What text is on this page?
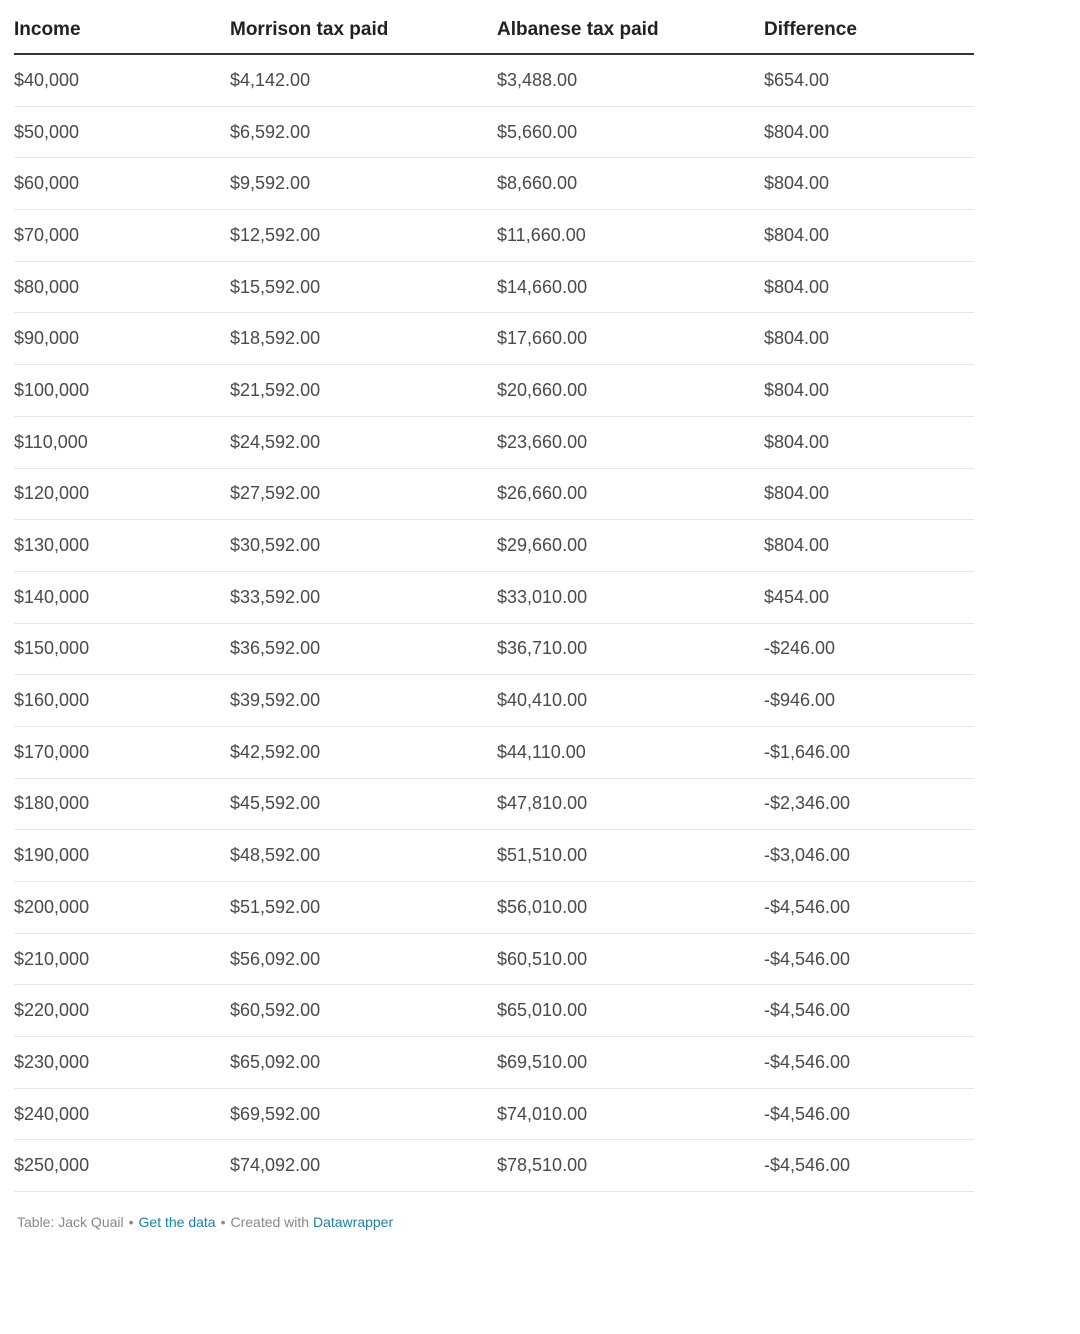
Income	Morrison tax paid	Albanese tax paid	Difference
$40,000	$4,142.00	$3,488.00	$654.00
$50,000	$6,592.00	$5,660.00	$804.00
$60,000	$9,592.00	$8,660.00	$804.00
$70,000	$12,592.00	$11,660.00	$804.00
$80,000	$15,592.00	$14,660.00	$804.00
$90,000	$18,592.00	$17,660.00	$804.00
$100,000	$21,592.00	$20,660.00	$804.00
$110,000	$24,592.00	$23,660.00	$804.00
$120,000	$27,592.00	$26,660.00	$804.00
$130,000	$30,592.00	$29,660.00	$804.00
$140,000	$33,592.00	$33,010.00	$454.00
$150,000	$36,592.00	$36,710.00	-$246.00
$160,000	$39,592.00	$40,410.00	-$946.00
$170,000	$42,592.00	$44,110.00	-$1,646.00
$180,000	$45,592.00	$47,810.00	-$2,346.00
$190,000	$48,592.00	$51,510.00	-$3,046.00
$200,000	$51,592.00	$56,010.00	-$4,546.00
$210,000	$56,092.00	$60,510.00	-$4,546.00
$220,000	$60,592.00	$65,010.00	-$4,546.00
$230,000	$65,092.00	$69,510.00	-$4,546.00
$240,000	$69,592.00	$74,010.00	-$4,546.00
$250,000	$74,092.00	$78,510.00	-$4,546.00
Table: Jack Quail • Get the data • Created with Datawrapper
